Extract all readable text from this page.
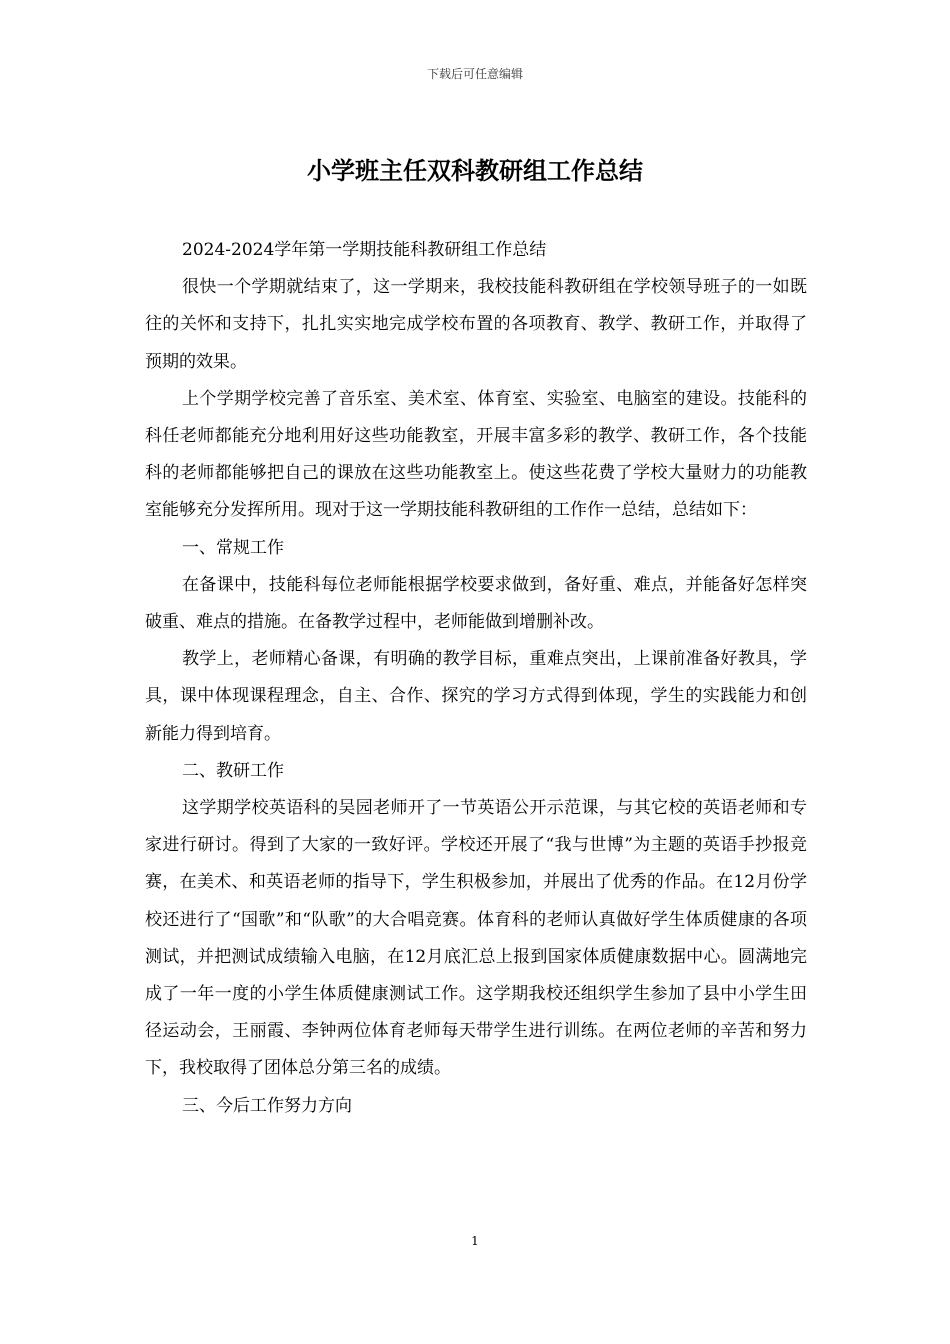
下载后可任意编辑
小学班主任双科教研组工作总结

2024-2024学年第一学期技能科教研组工作总结

很快一个学期就结束了，这一学期来，我校技能科教研组在学校领导班子的一如既往的关怀和支持下，扎扎实实地完成学校布置的各项教育、教学、教研工作，并取得了预期的效果。

上个学期学校完善了音乐室、美术室、体育室、实验室、电脑室的建设。技能科的科任老师都能充分地利用好这些功能教室，开展丰富多彩的教学、教研工作，各个技能科的老师都能够把自己的课放在这些功能教室上。使这些花费了学校大量财力的功能教室能够充分发挥所用。现对于这一学期技能科教研组的工作作一总结，总结如下：

一、常规工作

在备课中，技能科每位老师能根据学校要求做到，备好重、难点，并能备好怎样突破重、难点的措施。在备教学过程中，老师能做到增删补改。

教学上，老师精心备课，有明确的教学目标，重难点突出，上课前准备好教具，学具，课中体现课程理念，自主、合作、探究的学习方式得到体现，学生的实践能力和创新能力得到培育。

二、教研工作

这学期学校英语科的吴园老师开了一节英语公开示范课，与其它校的英语老师和专家进行研讨。得到了大家的一致好评。学校还开展了“我与世博”为主题的英语手抄报竞赛，在美术、和英语老师的指导下，学生积极参加，并展出了优秀的作品。在12月份学校还进行了“国歌”和“队歌”的大合唱竞赛。体育科的老师认真做好学生体质健康的各项测试，并把测试成绩输入电脑，在12月底汇总上报到国家体质健康数据中心。圆满地完成了一年一度的小学生体质健康测试工作。这学期我校还组织学生参加了县中小学生田径运动会，王丽霞、李钟两位体育老师每天带学生进行训练。在两位老师的辛苦和努力下，我校取得了团体总分第三名的成绩。

三、今后工作努力方向

1
